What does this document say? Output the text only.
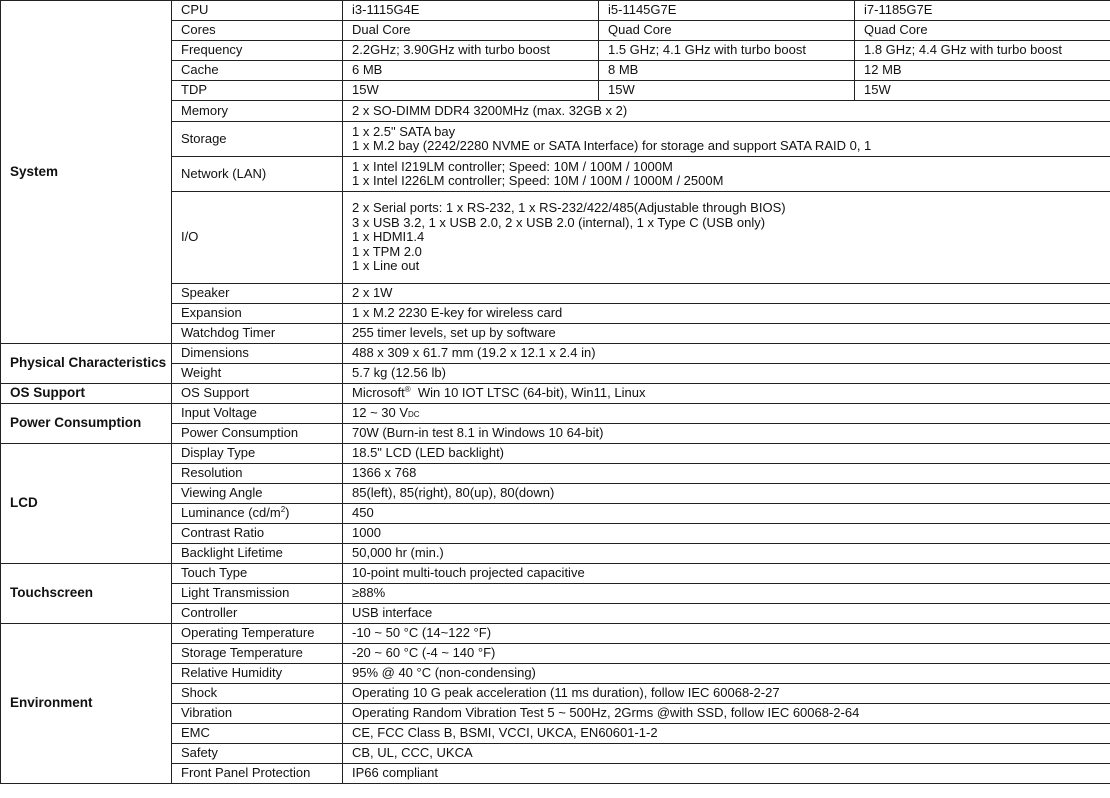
System	CPU	i3-1115G4E	i5-1145G7E	i7-1185G7E
	Cores	Dual Core	Quad Core	Quad Core
	Frequency	2.2GHz; 3.90GHz with turbo boost	1.5 GHz; 4.1 GHz with turbo boost	1.8 GHz; 4.4 GHz with turbo boost
	Cache	6 MB	8 MB	12 MB
	TDP	15W	15W	15W
	Memory	2 x SO-DIMM DDR4 3200MHz (max. 32GB x 2)		
	Storage	1 x 2.5" SATA bay
1 x M.2 bay (2242/2280 NVME or SATA Interface) for storage and support SATA RAID 0, 1		

	Network (LAN)	1 x Intel I219LM controller; Speed: 10M / 100M / 1000M
1 x Intel I226LM controller; Speed: 10M / 100M / 1000M / 2500M		

	I/O	2 x Serial ports: 1 x RS-232, 1 x RS-232/422/485(Adjustable through BIOS)
3 x USB 3.2, 1 x USB 2.0, 2 x USB 2.0 (internal), 1 x Type C (USB only)
1 x HDMI1.4
1 x TPM 2.0
1 x Line out		

	Speaker	2 x 1W		
	Expansion	1 x M.2 2230 E-key for wireless card		
	Watchdog Timer	255 timer levels, set up by software		
Physical Characteristics	Dimensions	488 x 309 x 61.7 mm (19.2 x 12.1 x 2.4 in)		
	Weight	5.7 kg (12.56 lb)		
OS Support	OS Support	Microsoft®  Win 10 IOT LTSC (64-bit), Win11, Linux		
Power Consumption	Input Voltage	12 ~ 30 VDC		
	Power Consumption	70W (Burn-in test 8.1 in Windows 10 64-bit)		
LCD	Display Type	18.5" LCD (LED backlight)		
	Resolution	1366 x 768		
	Viewing Angle	85(left), 85(right), 80(up), 80(down)		
	Luminance $(cd/m^2)$	450		
	Contrast Ratio	1000		
	Backlight Lifetime	50,000 hr (min.)		
Touchscreen	Touch Type	10-point multi-touch projected capacitive		
	Light Transmission	≥88%		
	Controller	USB interface		
Environment	Operating Temperature	-10 ~ 50 °C (14~122 °F)		
	Storage Temperature	-20 ~ 60 °C (-4 ~ 140 °F)		
	Relative Humidity	95% @ 40 °C (non-condensing)		
	Shock	Operating 10 G peak acceleration (11 ms duration), follow IEC 60068-2-27		
	Vibration	Operating Random Vibration Test 5 ~ 500Hz, 2Grms @with SSD, follow IEC 60068-2-64		
	EMC	CE, FCC Class B, BSMI, VCCI, UKCA, EN60601-1-2		
	Safety	CB, UL, CCC, UKCA		
	Front Panel Protection	IP66 compliant		
